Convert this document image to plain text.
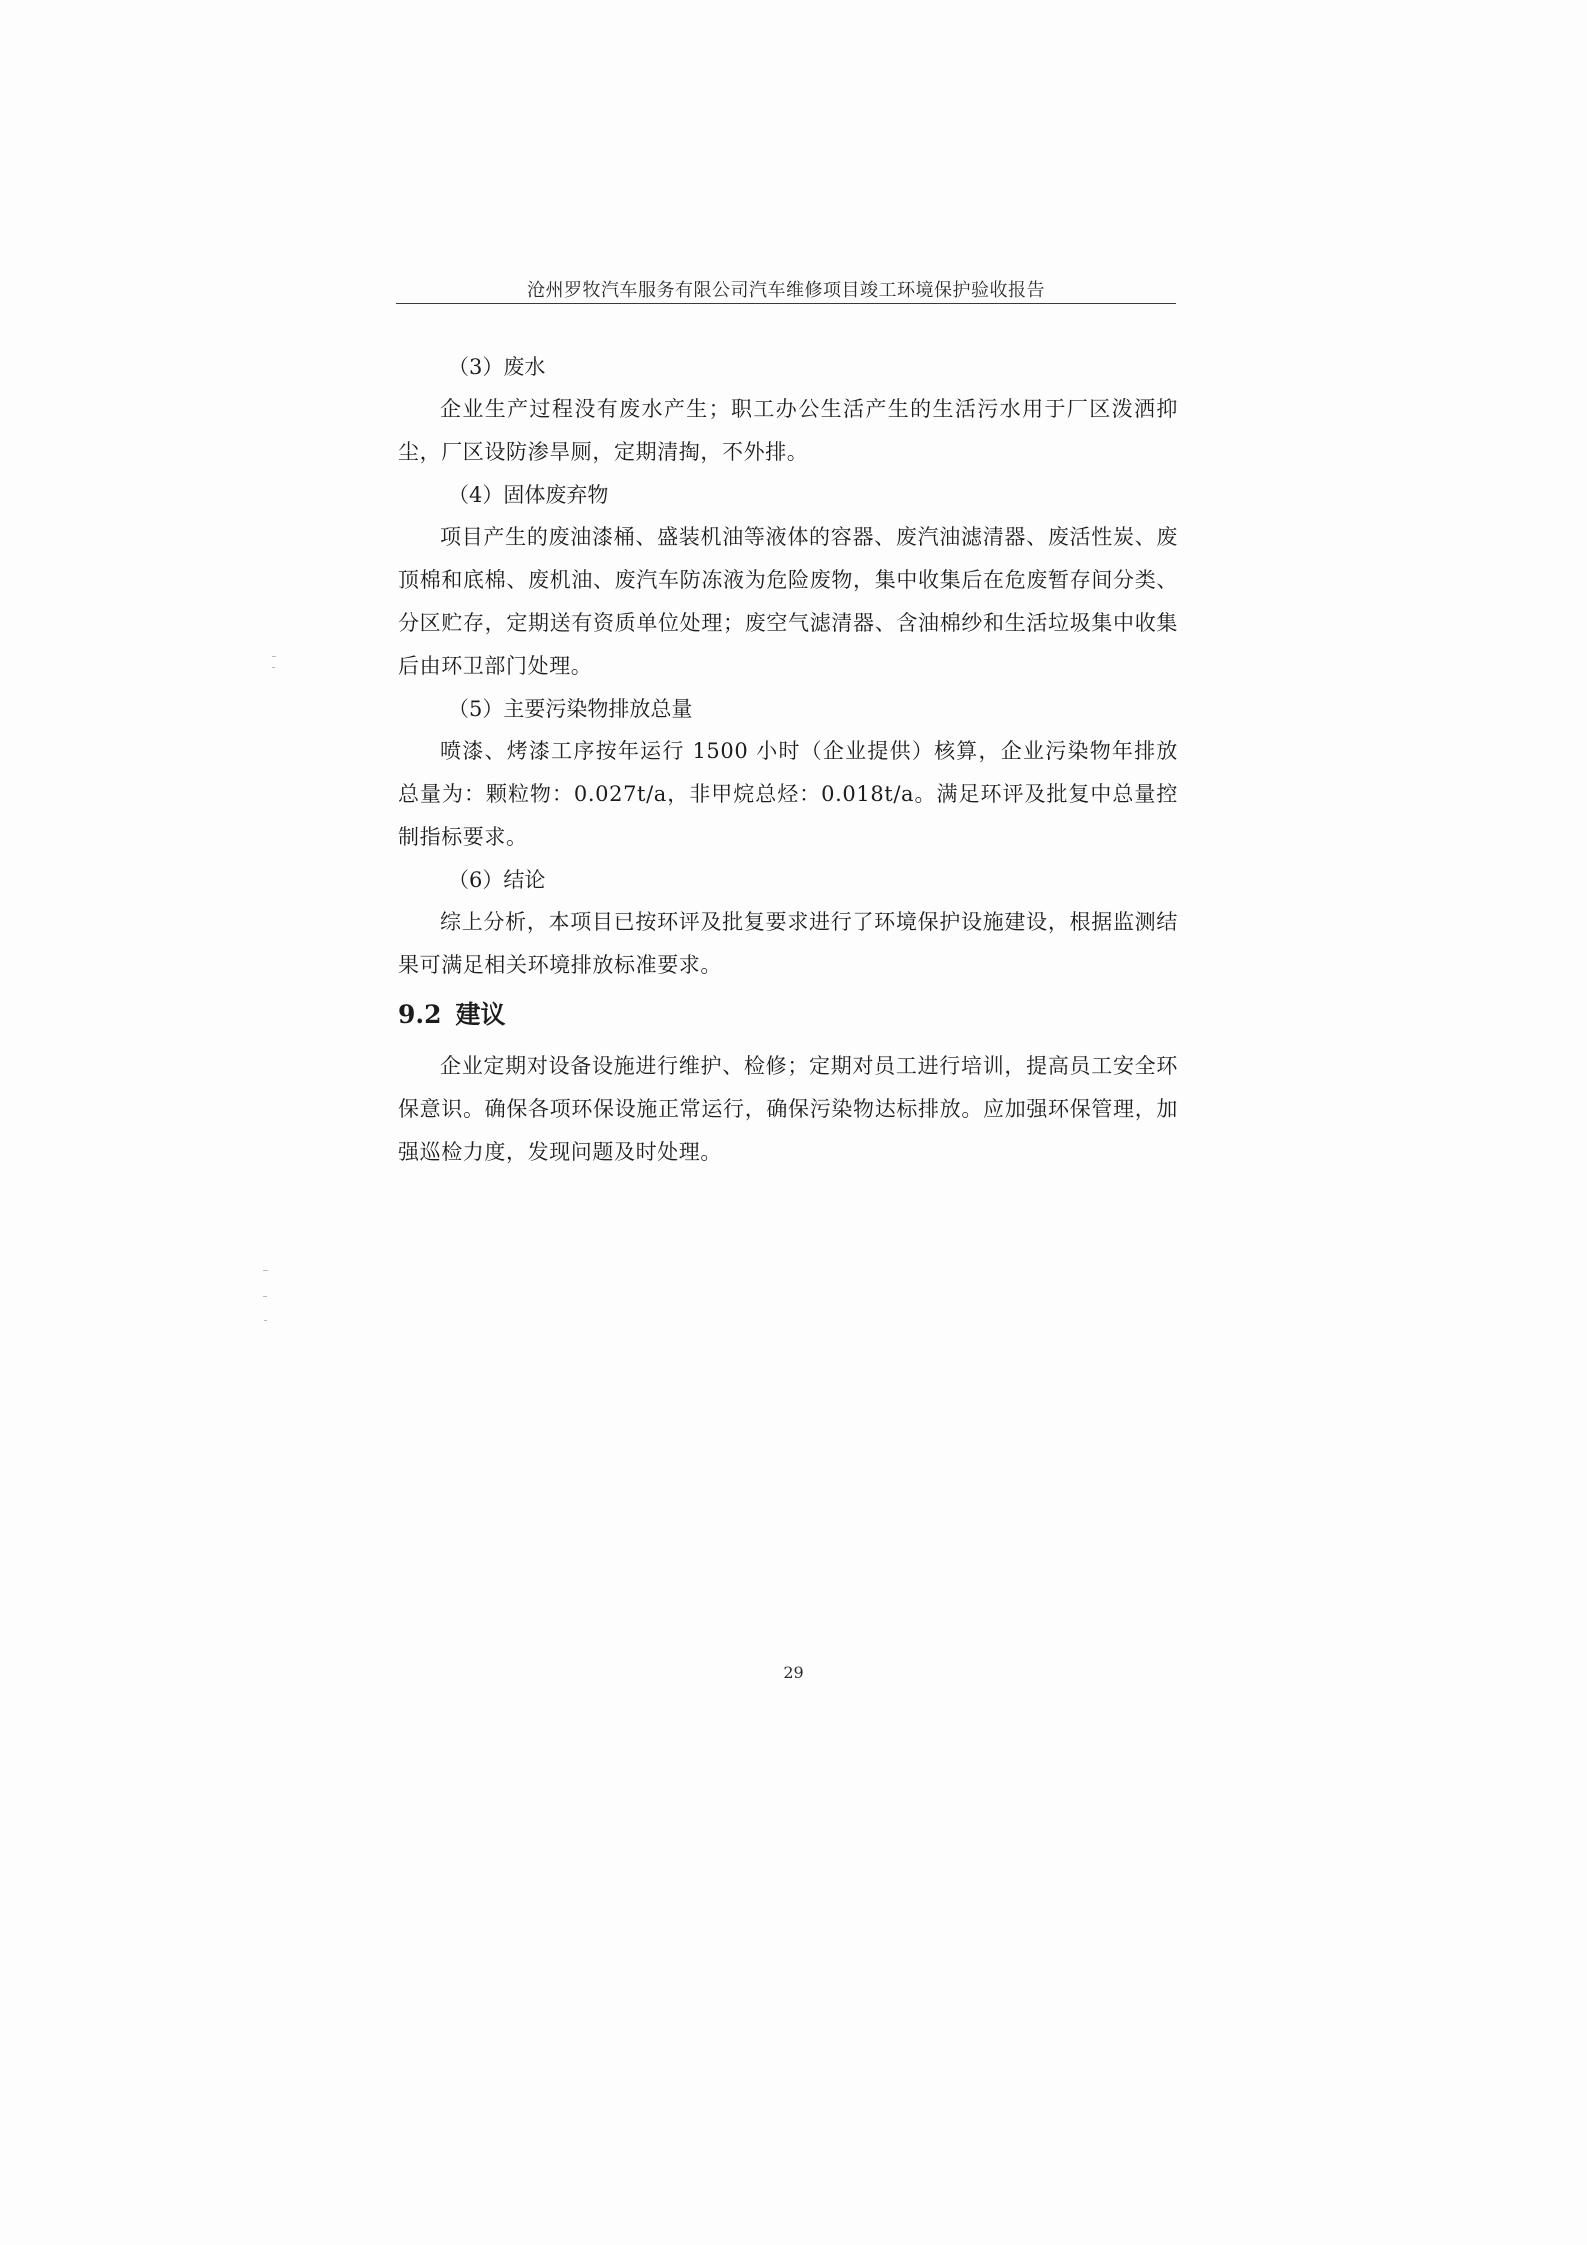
沧州罗牧汽车服务有限公司汽车维修项目竣工环境保护验收报告

（3）废水

企业生产过程没有废水产生；职工办公生活产生的生活污水用于厂区泼洒抑尘，厂区设防渗旱厕，定期清掏，不外排。

（4）固体废弃物

项目产生的废油漆桶、盛装机油等液体的容器、废汽油滤清器、废活性炭、废顶棉和底棉、废机油、废汽车防冻液为危险废物，集中收集后在危废暂存间分类、分区贮存，定期送有资质单位处理；废空气滤清器、含油棉纱和生活垃圾集中收集后由环卫部门处理。

（5）主要污染物排放总量

喷漆、烤漆工序按年运行 1500 小时（企业提供）核算，企业污染物年排放总量为：颗粒物：0.027t/a，非甲烷总烃：0.018t/a。满足环评及批复中总量控制指标要求。

（6）结论

综上分析，本项目已按环评及批复要求进行了环境保护设施建设，根据监测结果可满足相关环境排放标准要求。

9.2 建议

企业定期对设备设施进行维护、检修；定期对员工进行培训，提高员工安全环保意识。确保各项环保设施正常运行，确保污染物达标排放。应加强环保管理，加强巡检力度，发现问题及时处理。

29
